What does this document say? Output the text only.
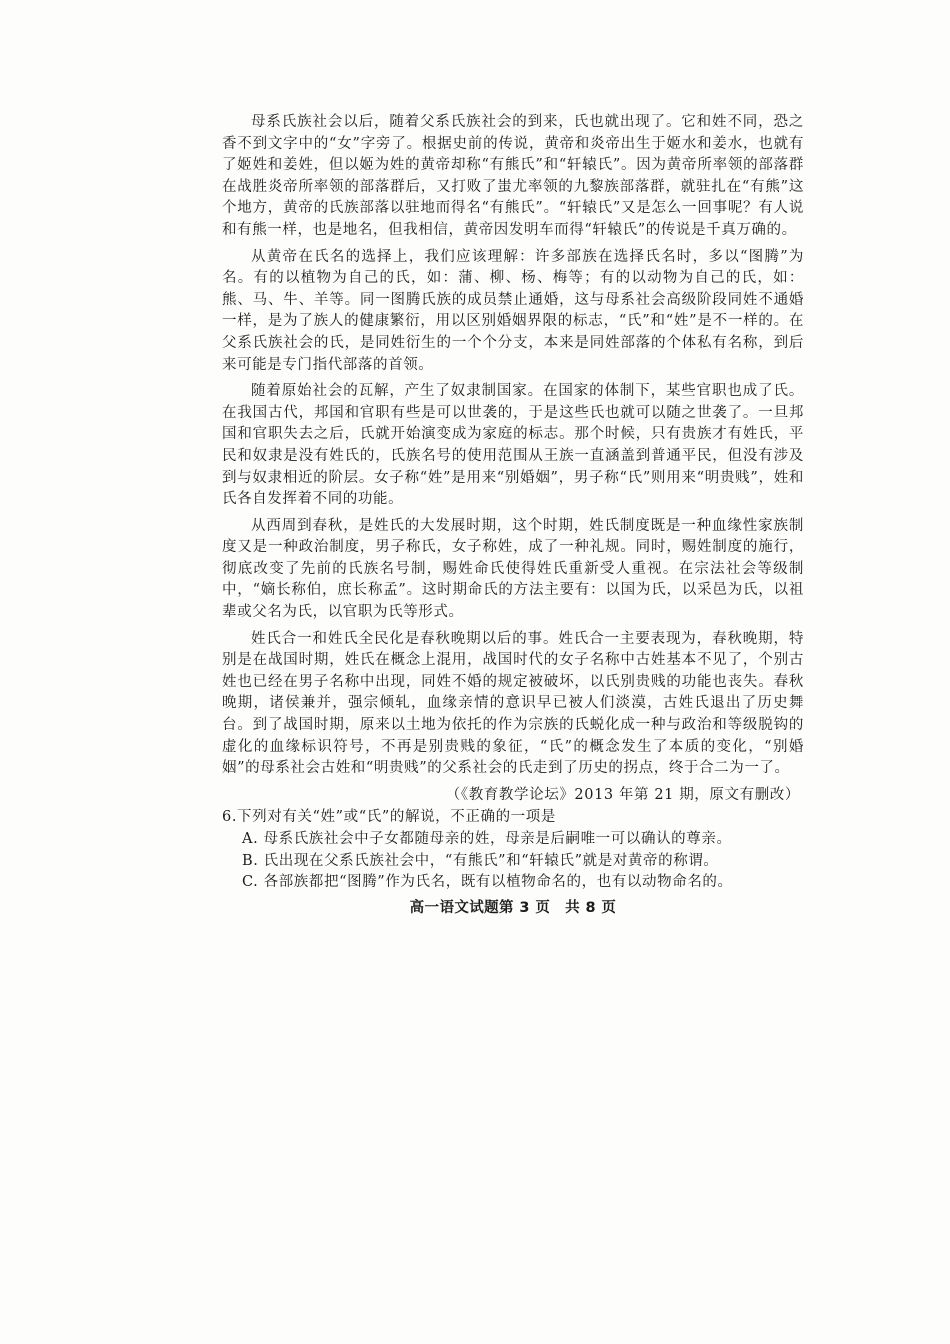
母系氏族社会以后，随着父系氏族社会的到来，氏也就出现了。它和姓不同，恐之香不到文字中的“女”字旁了。根据史前的传说，黄帝和炎帝出生于姬水和姜水，也就有了姬姓和姜姓，但以姬为姓的黄帝却称“有熊氏”和“轩辕氏”。因为黄帝所率领的部落群在战胜炎帝所率领的部落群后，又打败了蚩尤率领的九黎族部落群，就驻扎在“有熊”这个地方，黄帝的氏族部落以驻地而得名“有熊氏”。“轩辕氏”又是怎么一回事呢？有人说和有熊一样，也是地名，但我相信，黄帝因发明车而得“轩辕氏”的传说是千真万确的。

从黄帝在氏名的选择上，我们应该理解：许多部族在选择氏名时，多以“图腾”为名。有的以植物为自己的氏，如：蒲、柳、杨、梅等；有的以动物为自己的氏，如：熊、马、牛、羊等。同一图腾氏族的成员禁止通婚，这与母系社会高级阶段同姓不通婚一样，是为了族人的健康繁衍，用以区别婚姻界限的标志，“氏”和“姓”是不一样的。在父系氏族社会的氏，是同姓衍生的一个个分支，本来是同姓部落的个体私有名称，到后来可能是专门指代部落的首领。

随着原始社会的瓦解，产生了奴隶制国家。在国家的体制下，某些官职也成了氏。在我国古代，邦国和官职有些是可以世袭的，于是这些氏也就可以随之世袭了。一旦邦国和官职失去之后，氏就开始演变成为家庭的标志。那个时候，只有贵族才有姓氏，平民和奴隶是没有姓氏的，氏族名号的使用范围从王族一直涵盖到普通平民，但没有涉及到与奴隶相近的阶层。女子称“姓”是用来“别婚姻”，男子称“氏”则用来“明贵贱”，姓和氏各自发挥着不同的功能。

从西周到春秋，是姓氏的大发展时期，这个时期，姓氏制度既是一种血缘性家族制度又是一种政治制度，男子称氏，女子称姓，成了一种礼规。同时，赐姓制度的施行，彻底改变了先前的氏族名号制，赐姓命氏使得姓氏重新受人重视。在宗法社会等级制中，“嫡长称伯，庶长称孟”。这时期命氏的方法主要有：以国为氏，以采邑为氏，以祖辈或父名为氏，以官职为氏等形式。

姓氏合一和姓氏全民化是春秋晚期以后的事。姓氏合一主要表现为，春秋晚期，特别是在战国时期，姓氏在概念上混用，战国时代的女子名称中古姓基本不见了，个别古姓也已经在男子名称中出现，同姓不婚的规定被破坏，以氏别贵贱的功能也丧失。春秋晚期，诸侯兼并，强宗倾轧，血缘亲情的意识早已被人们淡漠，古姓氏退出了历史舞台。到了战国时期，原来以土地为依托的作为宗族的氏蜕化成一种与政治和等级脱钩的虚化的血缘标识符号，不再是别贵贱的象征，“氏”的概念发生了本质的变化，“别婚姻”的母系社会古姓和“明贵贱”的父系社会的氏走到了历史的拐点，终于合二为一了。

（《教育教学论坛》2013 年第 21 期，原文有删改）

6.下列对有关“姓”或“氏”的解说，不正确的一项是

A. 母系氏族社会中子女都随母亲的姓，母亲是后嗣唯一可以确认的尊亲。

B. 氏出现在父系氏族社会中，“有熊氏”和“轩辕氏”就是对黄帝的称谓。

C. 各部族都把“图腾”作为氏名，既有以植物命名的，也有以动物命名的。

高一语文试题第 3 页　共 8 页
